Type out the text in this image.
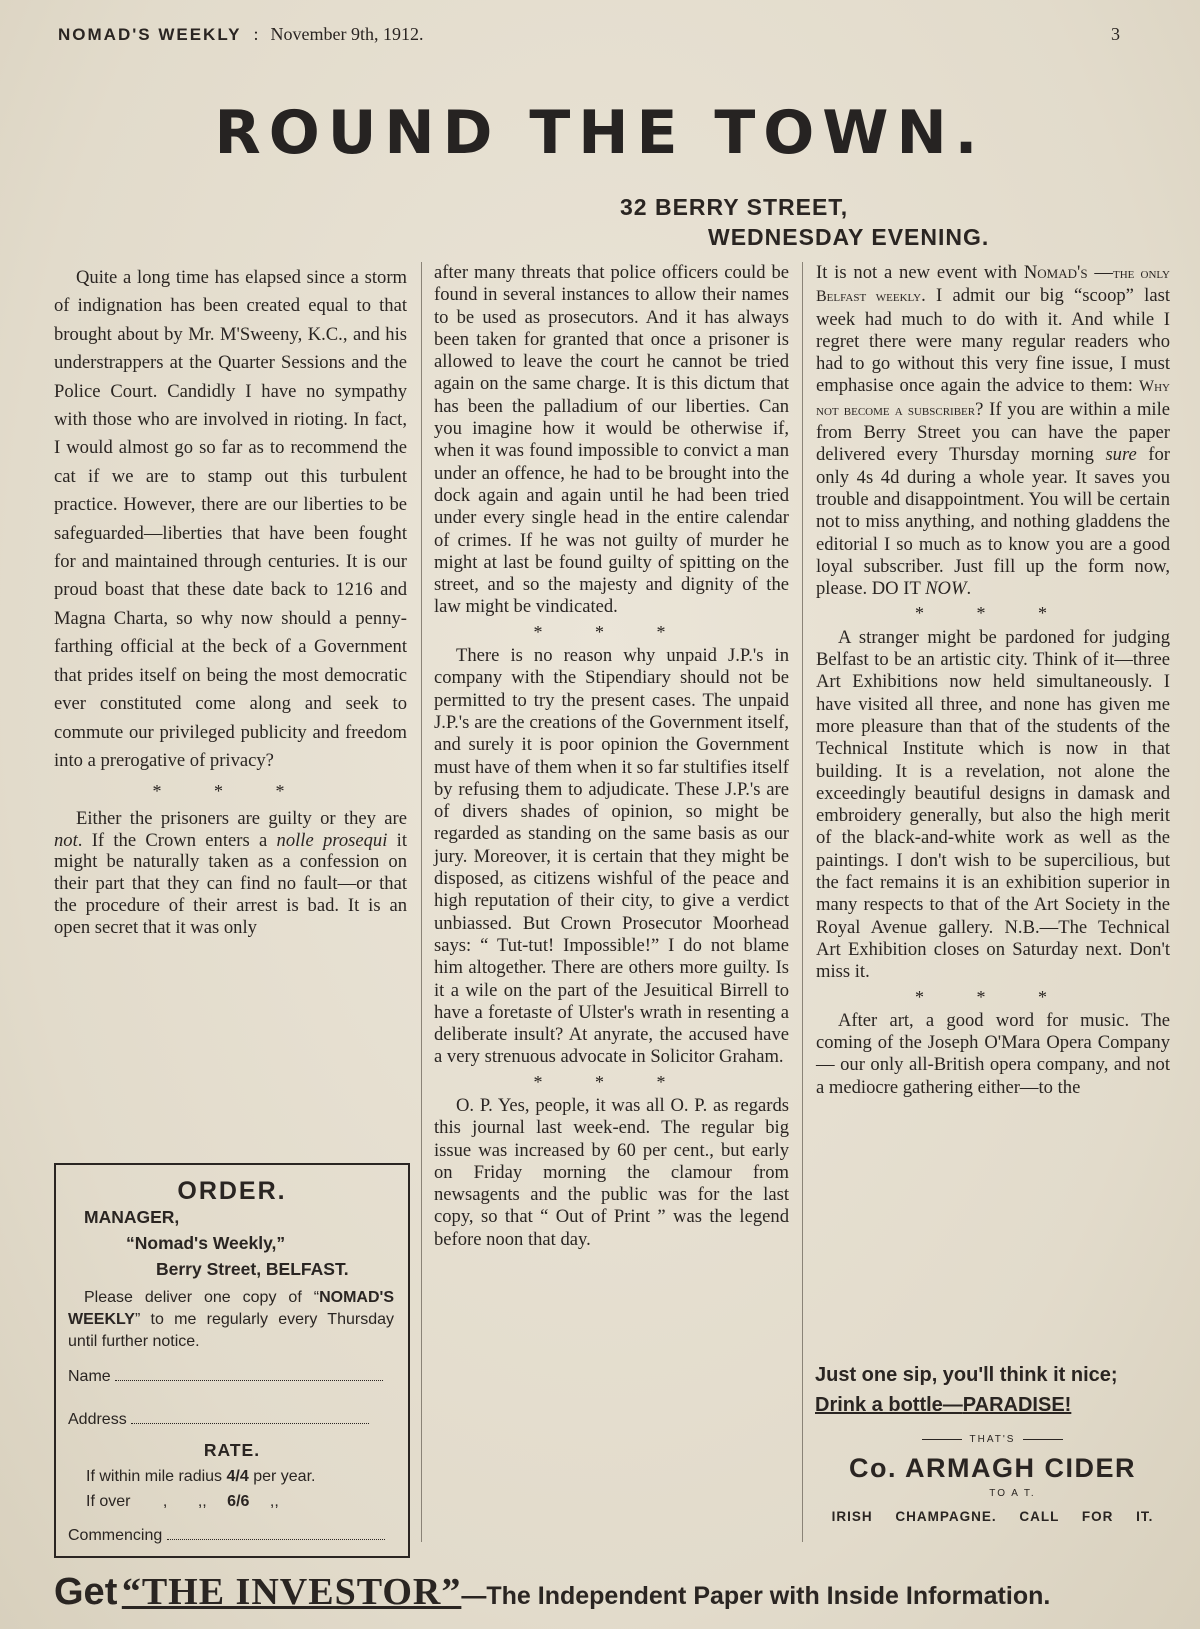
NOMAD'S WEEKLY : November 9th, 1912.	3
ROUND THE TOWN.
32 BERRY STREET,
WEDNESDAY EVENING.

Quite a long time has elapsed since a storm of indignation has been created equal to that brought about by Mr. M'Sweeny, K.C., and his understrappers at the Quarter Sessions and the Police Court. Candidly I have no sympathy with those who are involved in rioting. In fact, I would almost go so far as to recommend the cat if we are to stamp out this turbulent practice. However, there are our liberties to be safeguarded—liberties that have been fought for and maintained through centuries. It is our proud boast that these date back to 1216 and Magna Charta, so why now should a penny-farthing official at the beck of a Government that prides itself on being the most democratic ever constituted come along and seek to commute our privileged publicity and freedom into a prerogative of privacy?

* * *

Either the prisoners are guilty or they are not. If the Crown enters a nolle prosequi it might be naturally taken as a confession on their part that they can find no fault—or that the procedure of their arrest is bad. It is an open secret that it was only

ORDER.
MANAGER,
“Nomad's Weekly,”
Berry Street, BELFAST.
Please deliver one copy of “NOMAD'S WEEKLY” to me regularly every Thursday until further notice.
Name
Address
RATE.
If within mile radius 4/4 per year.
If over , ,, 6/6 ,,
Commencing

after many threats that police officers could be found in several instances to allow their names to be used as prosecutors. And it has always been taken for granted that once a prisoner is allowed to leave the court he cannot be tried again on the same charge. It is this dictum that has been the palladium of our liberties. Can you imagine how it would be otherwise if, when it was found impossible to convict a man under an offence, he had to be brought into the dock again and again until he had been tried under every single head in the entire calendar of crimes. If he was not guilty of murder he might at last be found guilty of spitting on the street, and so the majesty and dignity of the law might be vindicated.

* * *

There is no reason why unpaid J.P.'s in company with the Stipendiary should not be permitted to try the present cases. The unpaid J.P.'s are the creations of the Government itself, and surely it is poor opinion the Government must have of them when it so far stultifies itself by refusing them to adjudicate. These J.P.'s are of divers shades of opinion, so might be regarded as standing on the same basis as our jury. Moreover, it is certain that they might be disposed, as citizens wishful of the peace and high reputation of their city, to give a verdict unbiassed. But Crown Prosecutor Moorhead says: “ Tut-tut! Impossible!” I do not blame him altogether. There are others more guilty. Is it a wile on the part of the Jesuitical Birrell to have a foretaste of Ulster's wrath in resenting a deliberate insult? At anyrate, the accused have a very strenuous advocate in Solicitor Graham.

* * *

O. P. Yes, people, it was all O. P. as regards this journal last week-end. The regular big issue was increased by 60 per cent., but early on Friday morning the clamour from newsagents and the public was for the last copy, so that “ Out of Print ” was the legend before noon that day.

It is not a new event with Nomad's —the only Belfast weekly. I admit our big “scoop” last week had much to do with it. And while I regret there were many regular readers who had to go without this very fine issue, I must emphasise once again the advice to them: Why not become a subscriber? If you are within a mile from Berry Street you can have the paper delivered every Thursday morning sure for only 4s 4d during a whole year. It saves you trouble and disappointment. You will be certain not to miss anything, and nothing gladdens the editorial I so much as to know you are a good loyal subscriber. Just fill up the form now, please. DO IT NOW.

* * *

A stranger might be pardoned for judging Belfast to be an artistic city. Think of it—three Art Exhibitions now held simultaneously. I have visited all three, and none has given me more pleasure than that of the students of the Technical Institute which is now in that building. It is a revelation, not alone the exceedingly beautiful designs in damask and embroidery generally, but also the high merit of the black-and-white work as well as the paintings. I don't wish to be supercilious, but the fact remains it is an exhibition superior in many respects to that of the Art Society in the Royal Avenue gallery. N.B.—The Technical Art Exhibition closes on Saturday next. Don't miss it.

* * *

After art, a good word for music. The coming of the Joseph O'Mara Opera Company — our only all-British opera company, and not a mediocre gathering either—to the

Just one sip, you'll think it nice;
Drink a bottle—PARADISE!
THAT'S
Co. ARMAGH CIDER
TO A T.
IRISH CHAMPAGNE. CALL FOR IT.
Get “THE INVESTOR”—The Independent Paper with Inside Information.
